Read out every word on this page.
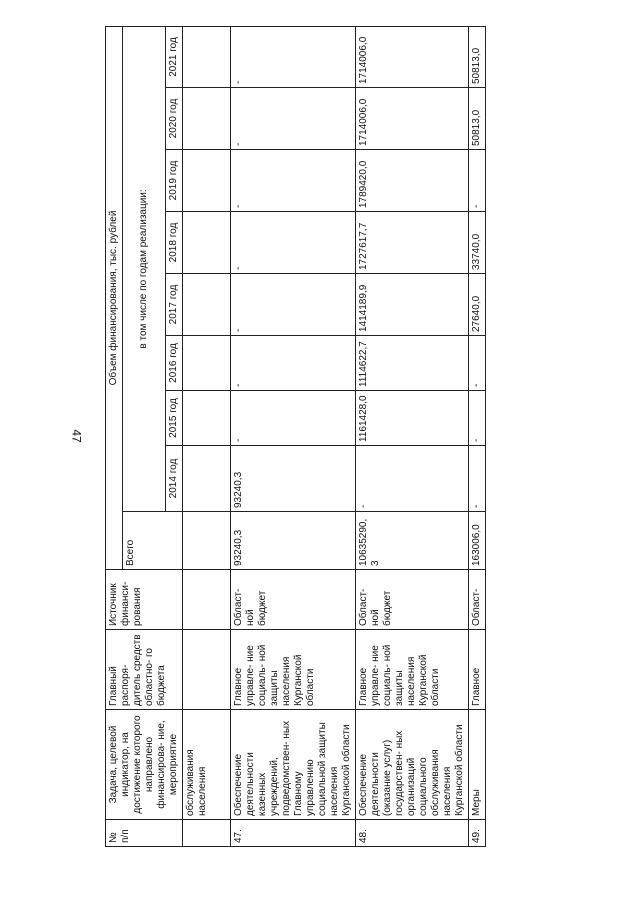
47
№ п/п	Задача, целевой индикатор, на достижение которого направлено финансирова- ние, мероприятие	Главный распоря- дитель средств областно- го бюджета	Источник финанси- рования	Объем финансирования, тыс. рублей								
				Всего	в том числе по годам реализации:							
					2014 год	2015 год	2016 год	2017 год	2018 год	2019 год	2020 год	2021 год
	обслуживания населения											
47.	Обеспечение деятельности казенных учреждений, подведомствен- ных Главному управлению социальной защиты населения Курганской области	Главное управле- ние социаль- ной защиты населения Курганской области	Област- ной бюджет	93240,3	93240,3	-	-	-	-	-	-	-
48.	Обеспечение деятельности (оказание услуг) государствен- ных организаций социального обслуживания населения Курганской области	Главное управле- ние социаль- ной защиты населения Курганской области	Област- ной бюджет	10635290,3	-	1161428,0	1114622,7	1414189,9	1727617,7	1789420,0	1714006,0	1714006,0
49.	Меры	Главное	Област-	163006,0	-	-	-	27640,0	33740,0	-	50813,0	50813,0
